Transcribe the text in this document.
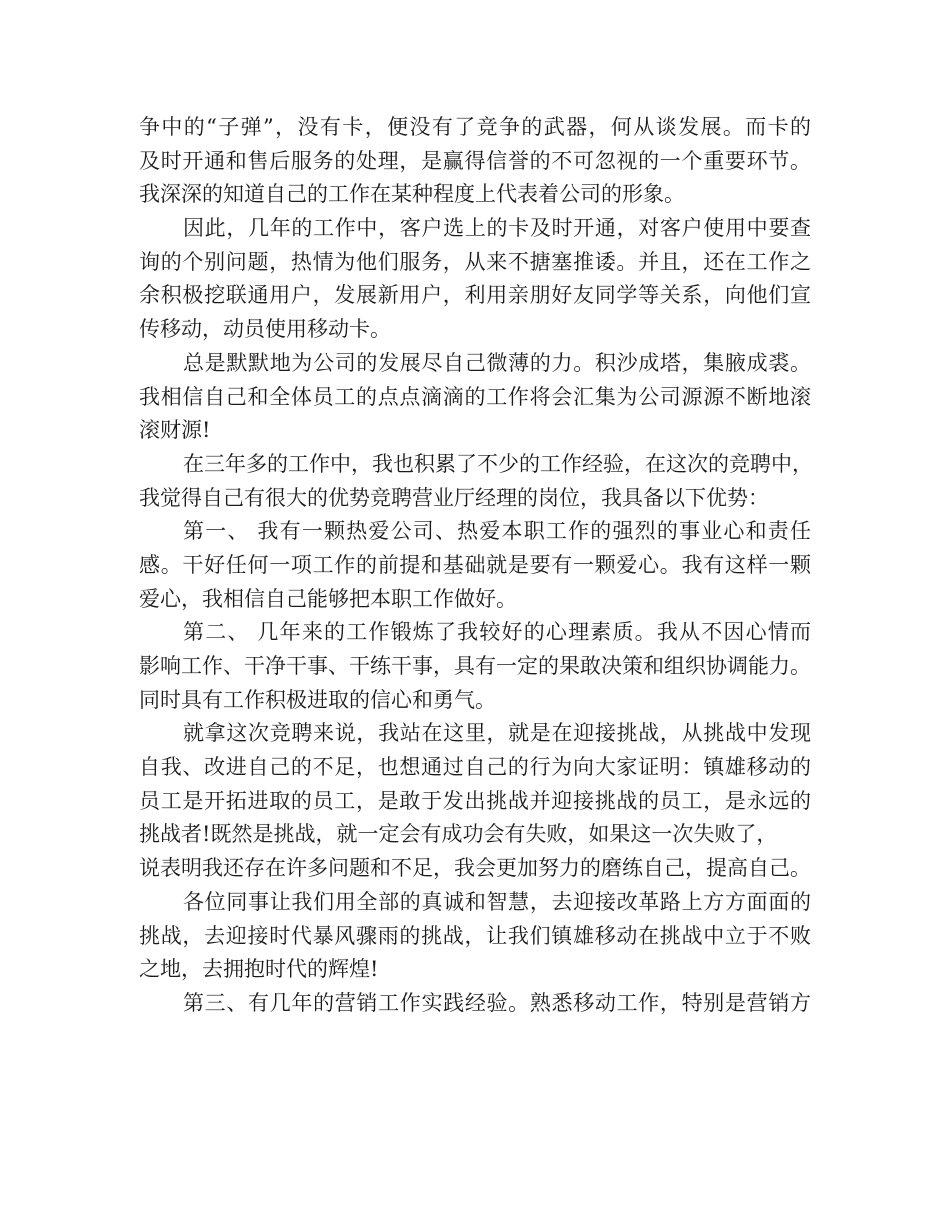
争中的“子弹”，没有卡，便没有了竞争的武器，何从谈发展。而卡的
及时开通和售后服务的处理，是赢得信誉的不可忽视的一个重要环节。
我深深的知道自己的工作在某种程度上代表着公司的形象。
因此，几年的工作中，客户选上的卡及时开通，对客户使用中要查
询的个别问题，热情为他们服务，从来不搪塞推诿。并且，还在工作之
余积极挖联通用户，发展新用户，利用亲朋好友同学等关系，向他们宣
传移动，动员使用移动卡。
总是默默地为公司的发展尽自己微薄的力。积沙成塔，集腋成裘。
我相信自己和全体员工的点点滴滴的工作将会汇集为公司源源不断地滚
滚财源!
在三年多的工作中，我也积累了不少的工作经验，在这次的竞聘中，
我觉得自己有很大的优势竞聘营业厅经理的岗位，我具备以下优势：
第一、 我有一颗热爱公司、热爱本职工作的强烈的事业心和责任
感。干好任何一项工作的前提和基础就是要有一颗爱心。我有这样一颗
爱心，我相信自己能够把本职工作做好。
第二、 几年来的工作锻炼了我较好的心理素质。我从不因心情而
影响工作、干净干事、干练干事，具有一定的果敢决策和组织协调能力。
同时具有工作积极进取的信心和勇气。
就拿这次竞聘来说，我站在这里，就是在迎接挑战，从挑战中发现
自我、改进自己的不足，也想通过自己的行为向大家证明：镇雄移动的
员工是开拓进取的员工，是敢于发出挑战并迎接挑战的员工，是永远的
挑战者!既然是挑战，就一定会有成功会有失败，如果这一次失败了，
说表明我还存在许多问题和不足，我会更加努力的磨练自己，提高自己。
各位同事让我们用全部的真诚和智慧，去迎接改革路上方方面面的
挑战，去迎接时代暴风骤雨的挑战，让我们镇雄移动在挑战中立于不败
之地，去拥抱时代的辉煌!
第三、有几年的营销工作实践经验。熟悉移动工作，特别是营销方
